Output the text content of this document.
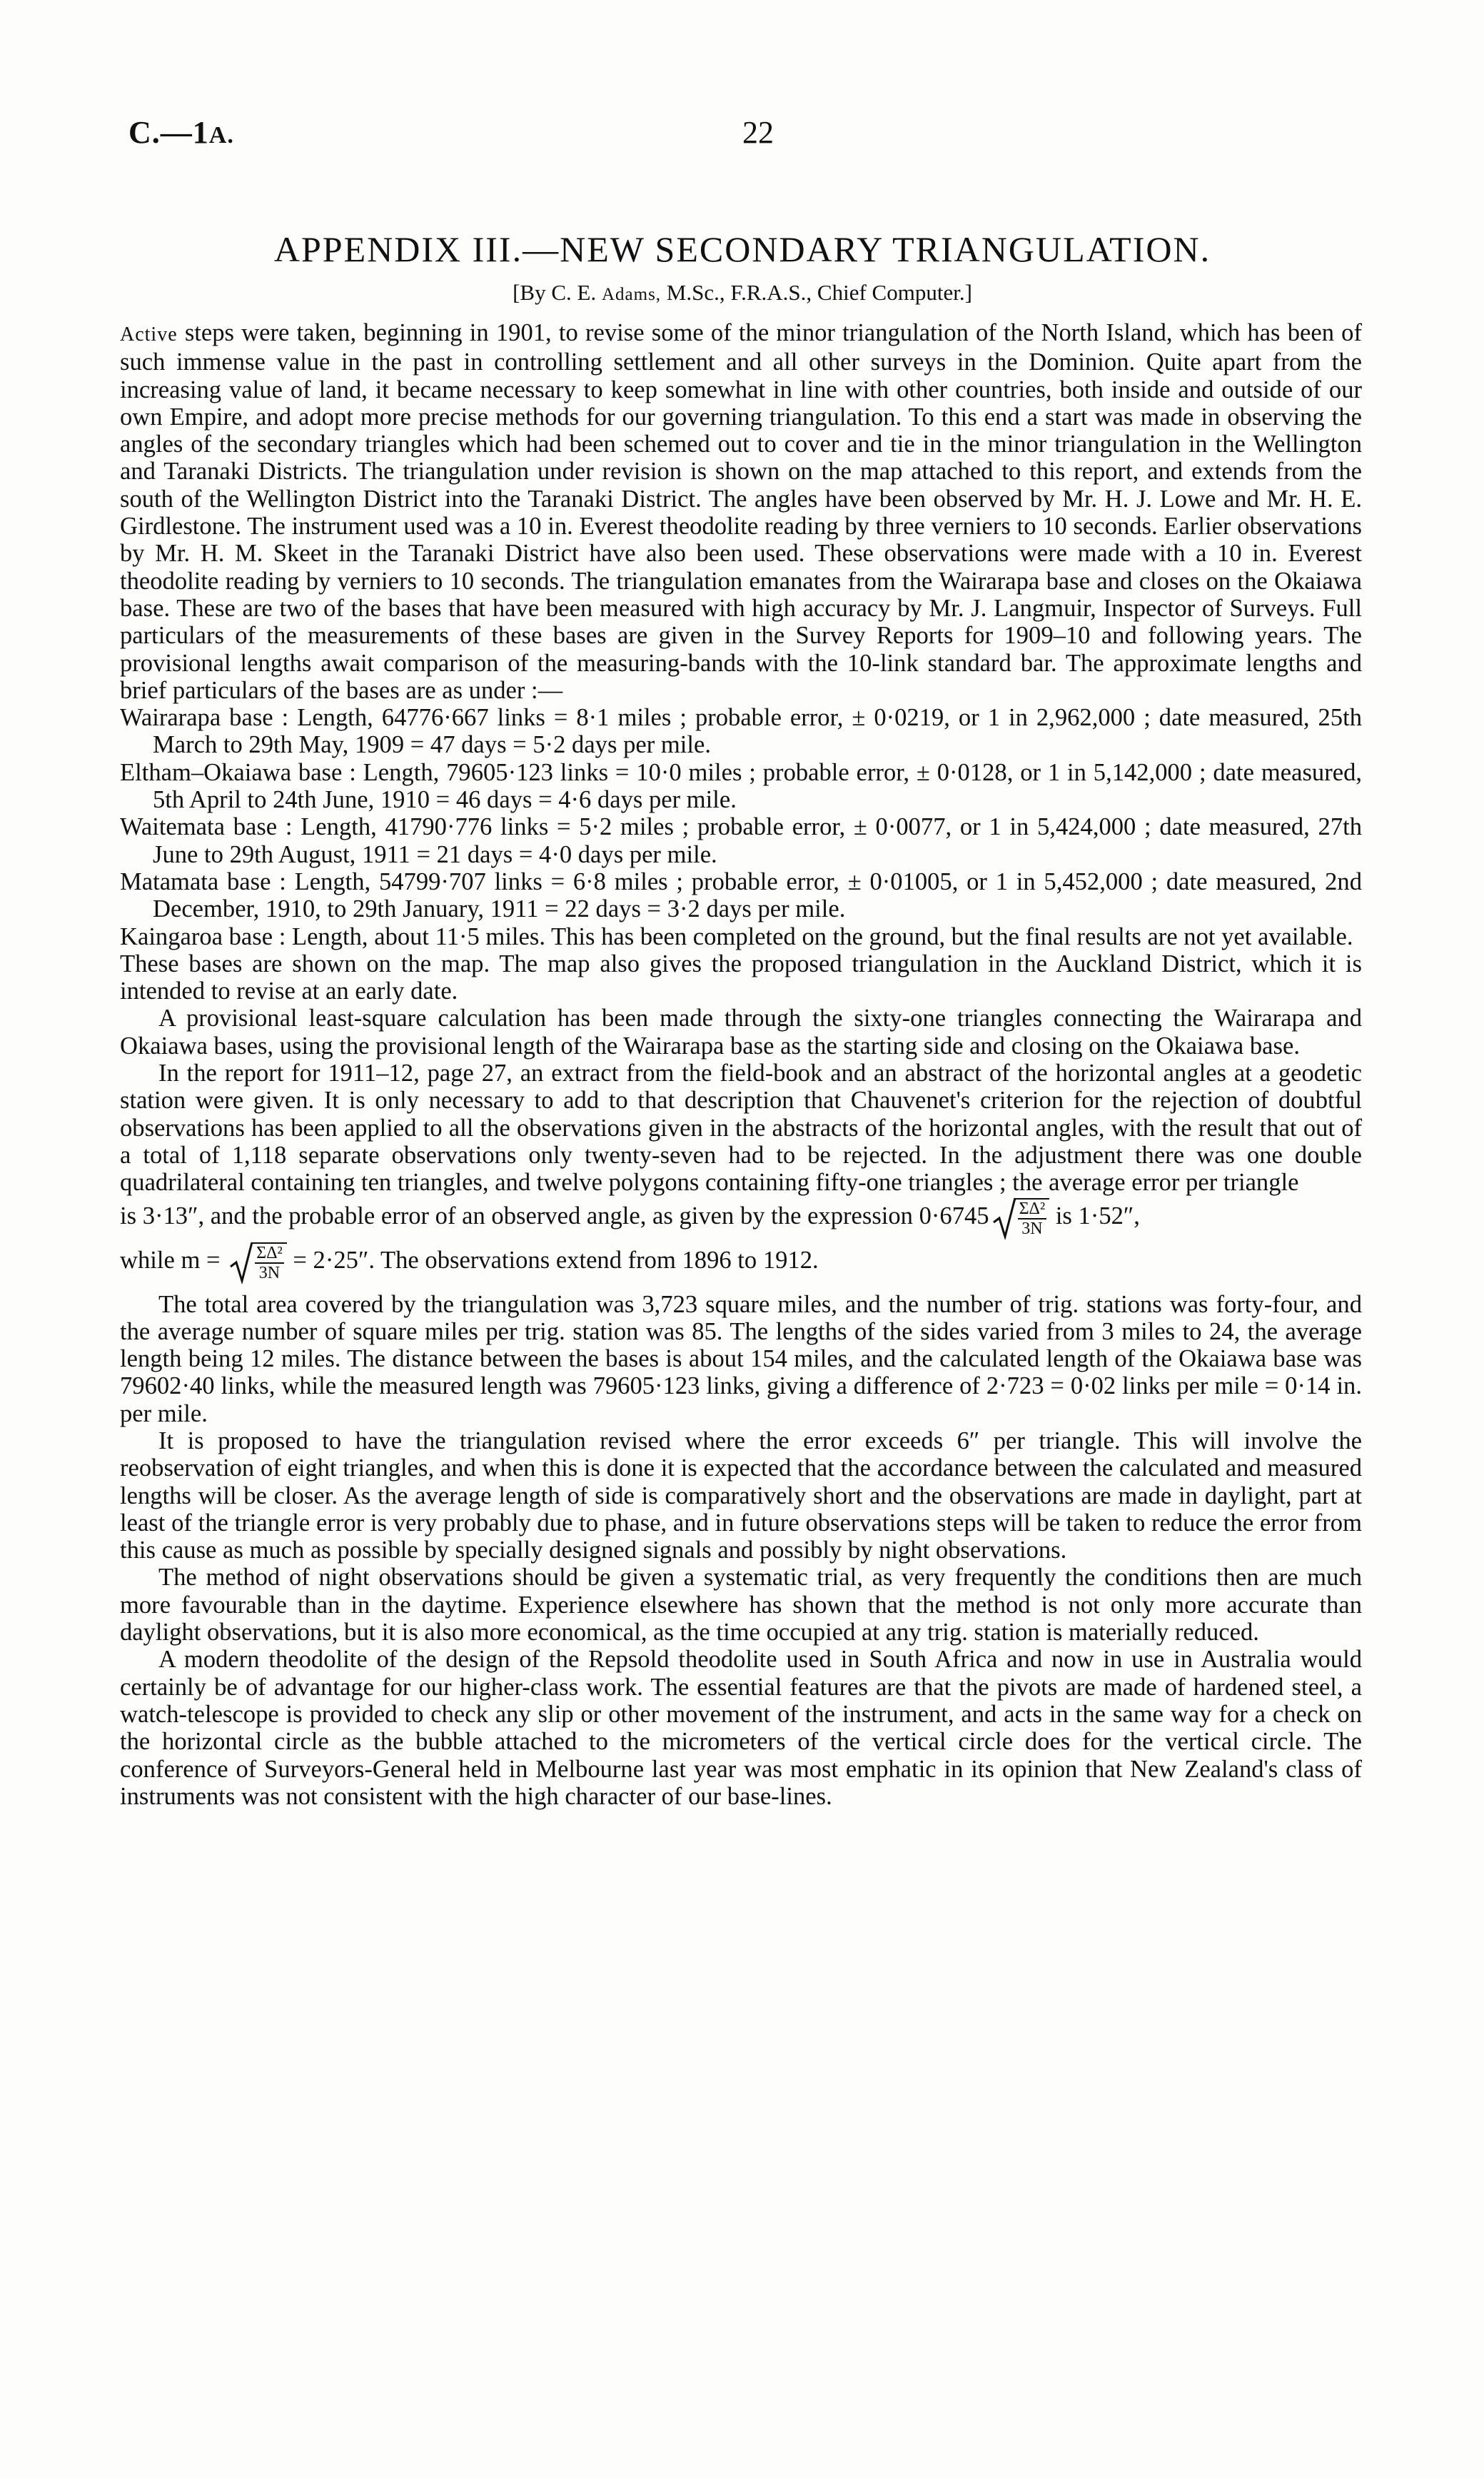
C.—1A.	22
APPENDIX III.—NEW SECONDARY TRIANGULATION.
[By C. E. Adams, M.Sc., F.R.A.S., Chief Computer.]

Active steps were taken, beginning in 1901, to revise some of the minor triangulation of the North Island, which has been of such immense value in the past in controlling settlement and all other surveys in the Dominion. Quite apart from the increasing value of land, it became necessary to keep somewhat in line with other countries, both inside and outside of our own Empire, and adopt more precise methods for our governing triangulation. To this end a start was made in observing the angles of the secondary triangles which had been schemed out to cover and tie in the minor triangulation in the Wellington and Taranaki Districts. The triangulation under revision is shown on the map attached to this report, and extends from the south of the Wellington District into the Taranaki District. The angles have been observed by Mr. H. J. Lowe and Mr. H. E. Girdlestone. The instrument used was a 10 in. Everest theodolite reading by three verniers to 10 seconds. Earlier observations by Mr. H. M. Skeet in the Taranaki District have also been used. These observations were made with a 10 in. Everest theodolite reading by verniers to 10 seconds. The triangulation emanates from the Wairarapa base and closes on the Okaiawa base. These are two of the bases that have been measured with high accuracy by Mr. J. Langmuir, Inspector of Surveys. Full particulars of the measurements of these bases are given in the Survey Reports for 1909–10 and following years. The provisional lengths await comparison of the measuring-bands with the 10-link standard bar. The approximate lengths and brief particulars of the bases are as under :—

Wairarapa base : Length, 64776·667 links = 8·1 miles ; probable error, ± 0·0219, or 1 in 2,962,000 ; date measured, 25th March to 29th May, 1909 = 47 days = 5·2 days per mile.

Eltham–Okaiawa base : Length, 79605·123 links = 10·0 miles ; probable error, ± 0·0128, or 1 in 5,142,000 ; date measured, 5th April to 24th June, 1910 = 46 days = 4·6 days per mile.

Waitemata base : Length, 41790·776 links = 5·2 miles ; probable error, ± 0·0077, or 1 in 5,424,000 ; date measured, 27th June to 29th August, 1911 = 21 days = 4·0 days per mile.

Matamata base : Length, 54799·707 links = 6·8 miles ; probable error, ± 0·01005, or 1 in 5,452,000 ; date measured, 2nd December, 1910, to 29th January, 1911 = 22 days = 3·2 days per mile.

Kaingaroa base : Length, about 11·5 miles. This has been completed on the ground, but the final results are not yet available.

These bases are shown on the map. The map also gives the proposed triangulation in the Auckland District, which it is intended to revise at an early date.

A provisional least-square calculation has been made through the sixty-one triangles connecting the Wairarapa and Okaiawa bases, using the provisional length of the Wairarapa base as the starting side and closing on the Okaiawa base.

In the report for 1911–12, page 27, an extract from the field-book and an abstract of the horizontal angles at a geodetic station were given. It is only necessary to add to that description that Chauvenet's criterion for the rejection of doubtful observations has been applied to all the observations given in the abstracts of the horizontal angles, with the result that out of a total of 1,118 separate observations only twenty-seven had to be rejected. In the adjustment there was one double quadrilateral containing ten triangles, and twelve polygons containing fifty-one triangles ; the average error per triangle

is 3·13″, and the probable error of an observed angle, as given by the expression $0\cdot 6745 \frac{\text{ΣΔ²}}{3N}$ is 1·52″,

while $m = \frac{\text{ΣΔ²}}{3N} = 2\cdot 25''$. The observations extend from 1896 to 1912.

The total area covered by the triangulation was 3,723 square miles, and the number of trig. stations was forty-four, and the average number of square miles per trig. station was 85. The lengths of the sides varied from 3 miles to 24, the average length being 12 miles. The distance between the bases is about 154 miles, and the calculated length of the Okaiawa base was 79602·40 links, while the measured length was 79605·123 links, giving a difference of 2·723 = 0·02 links per mile = 0·14 in. per mile.

It is proposed to have the triangulation revised where the error exceeds 6″ per triangle. This will involve the reobservation of eight triangles, and when this is done it is expected that the accordance between the calculated and measured lengths will be closer. As the average length of side is comparatively short and the observations are made in daylight, part at least of the triangle error is very probably due to phase, and in future observations steps will be taken to reduce the error from this cause as much as possible by specially designed signals and possibly by night observations.

The method of night observations should be given a systematic trial, as very frequently the conditions then are much more favourable than in the daytime. Experience elsewhere has shown that the method is not only more accurate than daylight observations, but it is also more economical, as the time occupied at any trig. station is materially reduced.

A modern theodolite of the design of the Repsold theodolite used in South Africa and now in use in Australia would certainly be of advantage for our higher-class work. The essential features are that the pivots are made of hardened steel, a watch-telescope is provided to check any slip or other movement of the instrument, and acts in the same way for a check on the horizontal circle as the bubble attached to the micrometers of the vertical circle does for the vertical circle. The conference of Surveyors-General held in Melbourne last year was most emphatic in its opinion that New Zealand's class of instruments was not consistent with the high character of our base-lines.
